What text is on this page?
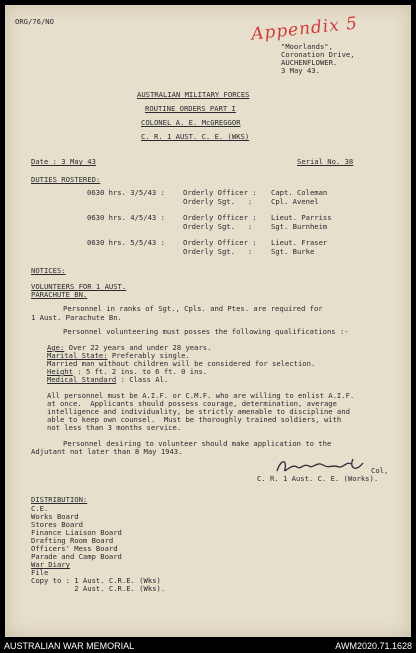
ORG/76/NO	Appendix 5
"Moorlands",
Coronation Drive,
AUCHENFLOWER.
3 May 43.
AUSTRALIAN MILITARY FORCES
ROUTINE ORDERS PART I
COLONEL A. E. McGREGGOR
C. R. 1 AUST. C. E. (WKS)
Date : 3 May 43	Serial No. 38
DUTIES ROSTERED:
0630 hrs. 3/5/43 :	Orderly Officer : Capt. Coleman
Orderly Sgt.   :	Cpl. Avenel
0630 hrs. 4/5/43 :	Orderly Officer : Lieut. Parriss
Orderly Sgt.   :	Sgt. Burnheim
0630 hrs. 5/5/43 :	Orderly Officer : Lieut. Fraser
Orderly Sgt.   :	Sgt. Burke
NOTICES:
VOLUNTEERS FOR 1 AUST.
PARACHUTE BN.
Personnel in ranks of Sgt., Cpls. and Ptes. are required for
1 Aust. Parachute Bn.
Personnel volunteering must posses the following qualifications :-
Age: Over 22 years and under 28 years.
Marital State: Preferably single.
Married man without children will be considered for selection.
Height : 5 ft. 2 ins. to 6 ft. 0 ins.
Medical Standard : Class Al.
All personnel must be A.I.F. or C.M.F. who are willing to enlist A.I.F.
at once.  Applicants should possess courage, determination, average
intelligence and individuality, be strictly amenable to discipline and
able to keep own counsel.  Must be thoroughly trained soldiers, with
not less than 3 months service.
Personnel desiring to volunteer should make application to the
Adjutant not later than 8 May 1943.
Col,
C. R. 1 Aust. C. E. (Works).
DISTRIBUTION:
C.E.
Works Board
Stores Board
Finance Liaison Board
Drafting Room Board
Officers' Mess Board
Parade and Camp Board
War Diary
File
Copy to : 1 Aust. C.R.E. (Wks)
2 Aust. C.R.E. (Wks).
AUSTRALIAN WAR MEMORIAL	AWM2020.71.1628
